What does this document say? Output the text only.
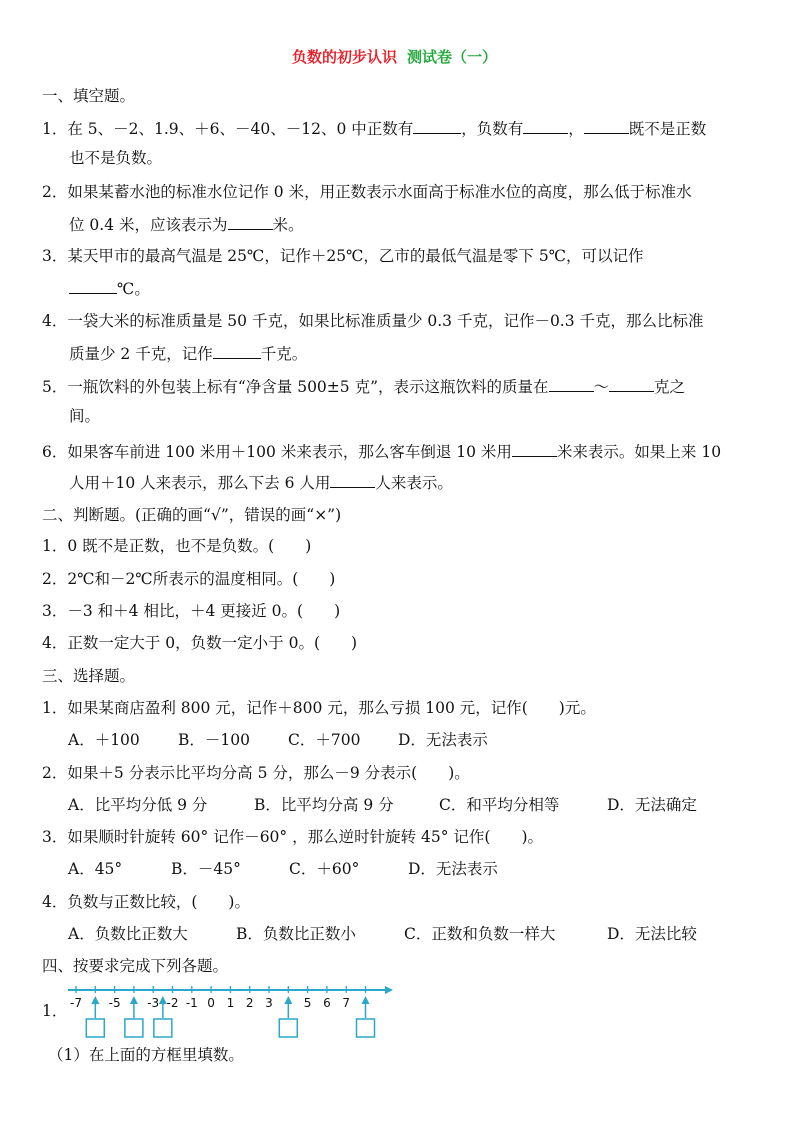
负数的初步认识 测试卷（一）
一、填空题。
1．在 5、－2、1.9、＋6、－40、－12、0 中正数有	，负数有	，	既不是正数
也不是负数。
2．如果某蓄水池的标准水位记作 0 米，用正数表示水面高于标准水位的高度，那么低于标准水
位 0.4 米，应该表示为	米。
3．某天甲市的最高气温是 25℃，记作＋25℃，乙市的最低气温是零下 5℃，可以记作
℃。
4．一袋大米的标准质量是 50 千克，如果比标准质量少 0.3 千克，记作－0.3 千克，那么比标准
质量少 2 千克，记作	千克。
5．一瓶饮料的外包装上标有“净含量 500±5 克”，表示这瓶饮料的质量在	～	克之
间。
6．如果客车前进 100 米用＋100 米来表示，那么客车倒退 10 米用	米来表示。如果上来 10
人用＋10 人来表示，那么下去 6 人用	人来表示。
二、判断题。(正确的画“√”，错误的画“×”)
1．0 既不是正数，也不是负数。(　　)
2．2℃和－2℃所表示的温度相同。(　　)
3．－3 和＋4 相比，＋4 更接近 0。(　　)
4．正数一定大于 0，负数一定小于 0。(　　)
三、选择题。
1．如果某商店盈利 800 元，记作＋800 元，那么亏损 100 元，记作(　　)元。
A．＋100 B．－100 C．＋700 D．无法表示
2．如果＋5 分表示比平均分高 5 分，那么－9 分表示(　　)。
A．比平均分低 9 分	B．比平均分高 9 分	C．和平均分相等	D．无法确定
3．如果顺时针旋转 60° 记作－60° ，那么逆时针旋转 45° 记作(　　)。
A．45°	B．－45°	C．＋60°	D．无法表示
4．负数与正数比较，(　　)。
A．负数比正数大	B．负数比正数小	C．正数和负数一样大	D．无法比较
四、按要求完成下列各题。
1． -7 -5 -3 -2 -1 0 1 2 3	5 6 7
（1）在上面的方框里填数。
